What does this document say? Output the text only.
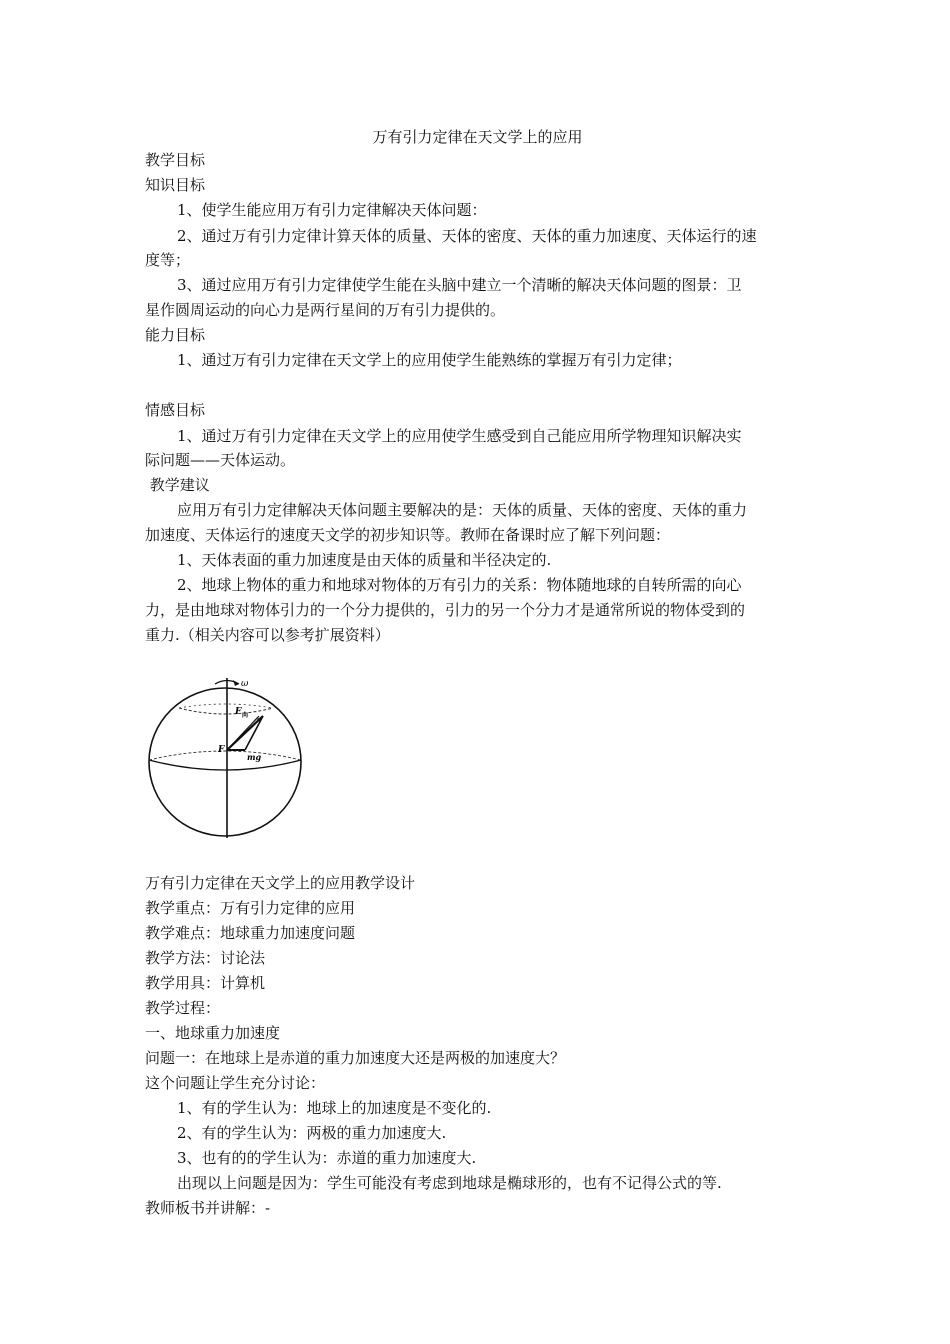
万有引力定律在天文学上的应用
教学目标
知识目标
1、使学生能应用万有引力定律解决天体问题：
2、通过万有引力定律计算天体的质量、天体的密度、天体的重力加速度、天体运行的速
度等；
3、通过应用万有引力定律使学生能在头脑中建立一个清晰的解决天体问题的图景：卫
星作圆周运动的向心力是两行星间的万有引力提供的。
能力目标
1、通过万有引力定律在天文学上的应用使学生能熟练的掌握万有引力定律；
情感目标
1、通过万有引力定律在天文学上的应用使学生感受到自己能应用所学物理知识解决实
际问题——天体运动。
教学建议
应用万有引力定律解决天体问题主要解决的是：天体的质量、天体的密度、天体的重力
加速度、天体运行的速度天文学的初步知识等。教师在备课时应了解下列问题：
1、天体表面的重力加速度是由天体的质量和半径决定的.
2、地球上物体的重力和地球对物体的万有引力的关系：物体随地球的自转所需的向心
力，是由地球对物体引力的一个分力提供的，引力的另一个分力才是通常所说的物体受到的
重力.（相关内容可以参考扩展资料）
万有引力定律在天文学上的应用教学设计
教学重点：万有引力定律的应用
教学难点：地球重力加速度问题
教学方法：讨论法
教学用具：计算机
教学过程：
一、地球重力加速度
问题一：在地球上是赤道的重力加速度大还是两极的加速度大？
这个问题让学生充分讨论：
1、有的学生认为：地球上的加速度是不变化的.
2、有的学生认为：两极的重力加速度大.
3、也有的的学生认为：赤道的重力加速度大.
出现以上问题是因为：学生可能没有考虑到地球是椭球形的，也有不记得公式的等.
教师板书并讲解：-
ω
F 向
F
mg
